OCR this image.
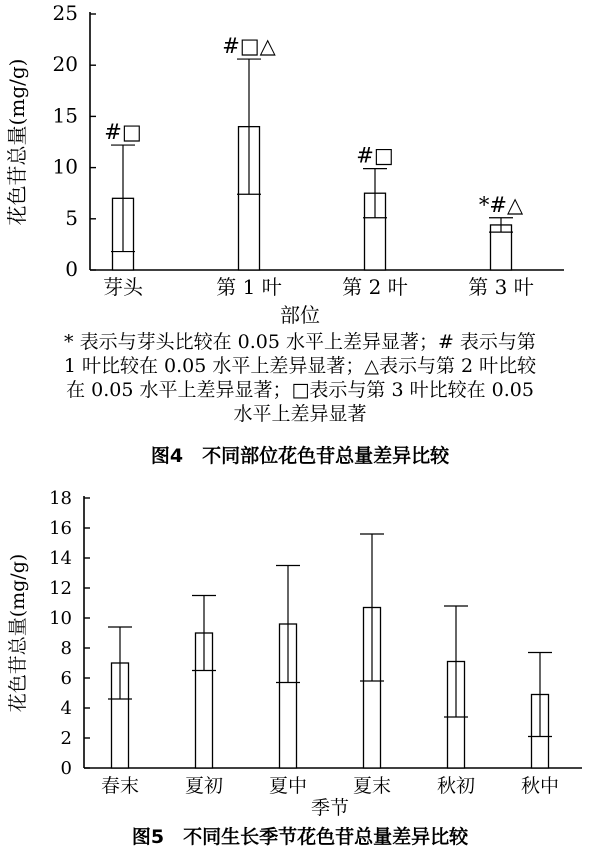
0
5
10
15
20
25
#□
芽头
#□△
第 1 叶
#□
第 2 叶
*#△
第 3 叶
部位
花色苷总量(mg/g)
* 表示与芽头比较在 0.05 水平上差异显著；# 表示与第
1 叶比较在 0.05 水平上差异显著；△表示与第 2 叶比较
在 0.05 水平上差异显著；□表示与第 3 叶比较在 0.05
水平上差异显著
图4　不同部位花色苷总量差异比较
0
2
4
6
8
10
12
14
16
18
春末 夏初 夏中 夏末 秋初 秋中
季节
花色苷总量(mg/g)
图5　不同生长季节花色苷总量差异比较
